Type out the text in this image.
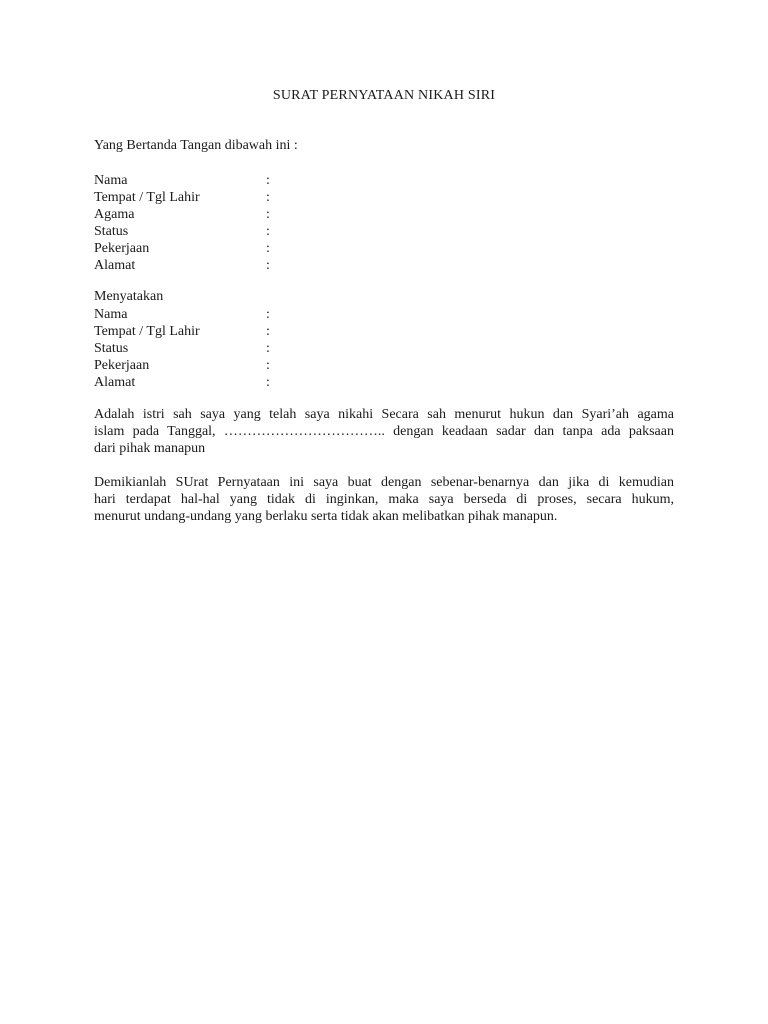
SURAT PERNYATAAN NIKAH SIRI
Yang Bertanda Tangan dibawah ini :
Nama	:
Tempat / Tgl Lahir	:
Agama	:
Status	:
Pekerjaan	:
Alamat	:
Menyatakan
Nama	:
Tempat / Tgl Lahir	:
Status	:
Pekerjaan	:
Alamat	:
Adalah istri sah saya yang telah saya nikahi Secara sah menurut hukun dan Syari’ah agama
islam pada Tanggal, …………………………….. dengan keadaan sadar dan tanpa ada paksaan
dari pihak manapun
Demikianlah SUrat Pernyataan ini saya buat dengan sebenar-benarnya dan jika di kemudian
hari terdapat hal-hal yang tidak di inginkan, maka saya berseda di proses, secara hukum,
menurut undang-undang yang berlaku serta tidak akan melibatkan pihak manapun.
